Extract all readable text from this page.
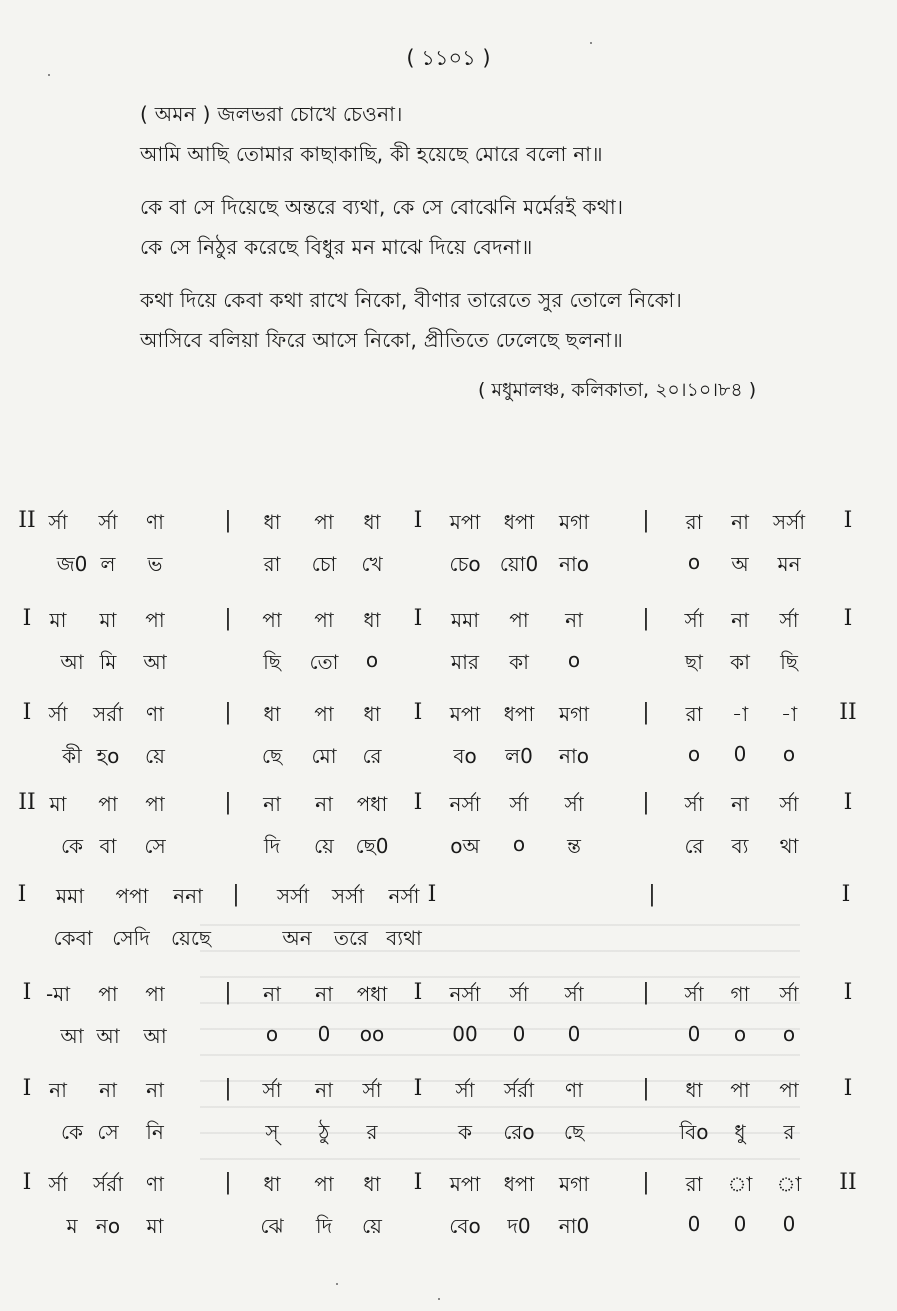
( ১১০১ )
( অমন ) জলভরা চোখে চেওনা।
আমি আছি তোমার কাছাকাছি, কী হয়েছে মোরে বলো না॥
কে বা সে দিয়েছে অন্তরে ব্যথা, কে সে বোঝেনি মর্মেরই কথা।
কে সে নিঠুর করেছে বিধুর মন মাঝে দিয়ে বেদনা॥
কথা দিয়ে কেবা কথা রাখে নিকো, বীণার তারেতে সুর তোলে নিকো।
আসিবে বলিয়া ফিরে আসে নিকো, প্রীতিতে ঢেলেছে ছলনা॥
( মধুমালঞ্চ, কলিকাতা, ২০।১০।৮৪ )
II র্সা র্সা ণা	| ধা পা ধা I মপা ধপা মগা | রা না সর্সা I
জ0 ল ভ	রা চো খে	চেo য়ো0 নাo	o অ মন
I মা মা পা	| পা পা ধা I মমা পা না	| র্সা না র্সা I
আ মি আ	ছি তো o	মার কা o	ছা কা ছি
I র্সা সর্রা ণা	| ধা পা ধা I মপা ধপা মগা | রা -া -া II
কী হo য়ে	ছে মো রে	বo ল0 নাo	o 0 o
II মা পা পা	| না না পধা I নর্সা র্সা র্সা	| র্সা না র্সা I
কে বা সে	দি য়ে ছে0	oঅ o ন্ত	রে ব্য থা
I মমা পপা ননা | সর্সা সর্সা নর্সা I	|	I
কেবা সেদি য়েছে	অন তরে ব্যথা
I -মা পা পা	| না না পধা I নর্সা র্সা র্সা	| র্সা গা র্সা I
আ আ আ	o 0 oo	00 0 0	0 o o
I না না না	| র্সা না র্সা I র্সা র্সর্রা ণা	| ধা পা পা I
কে সে নি	স্ ঠু র	ক রেo ছে	বিo ধু র
I র্সা র্সর্রা ণা	| ধা পা ধা I মপা ধপা মগা | রা া া II
ম নo মা	ঝে দি য়ে	বেo দ0 না0	0 0 0
